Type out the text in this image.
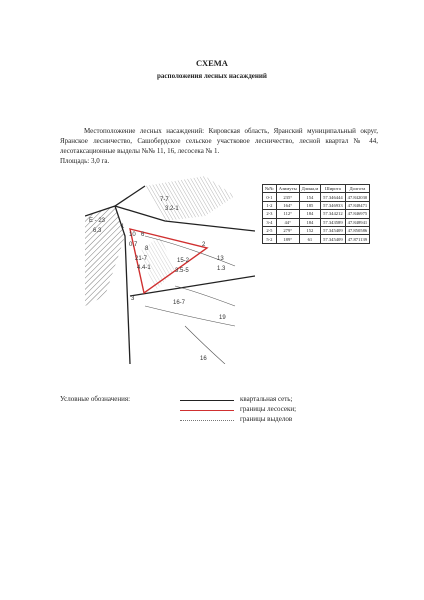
СХЕМА
расположения лесных насаждений
Местоположение лесных насаждений: Кировская область, Яранский муниципальный округ, Яранское лесничество, Сашобердское сельское участковое лесничество, лесной квартал № 44, лесотаксационные выделы №№ 11, 16, лесосека № 1.
Площадь: 3,0 га.
Е - 23
6,3
7-7
3.2-1
10
0,7
6
8
21-7
4.4-1
15-2
3.5-5
13
1.3
16-7
19
16
3
1
2
№№	Азимуты	Длина,м	Широта	Долгота
0-1	235°	154	57.346444	47.842030
1-2	164°	185	57.346933	47.848471
2-3	112°	184	57.344212	47.846975
3-4	44°	184	57.343589	47.848941
2-5	279°	152	57.345409	47.850586
5-2	189°	61	57.345409	47.871139
Условные обозначения:	квартальная сеть;
границы лесосеки;
границы выделов
